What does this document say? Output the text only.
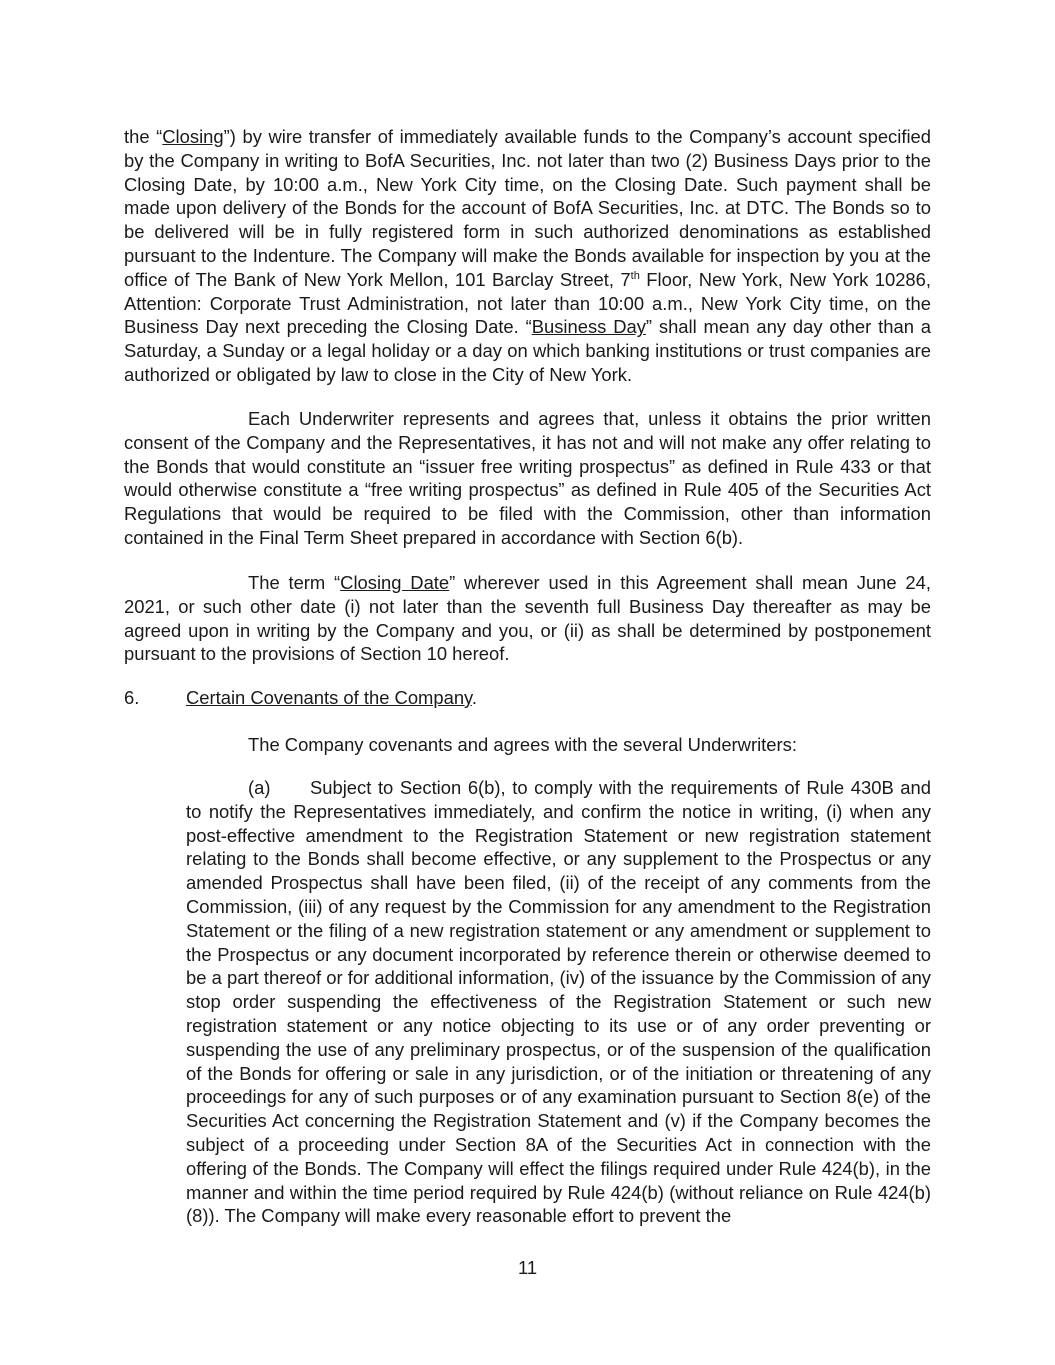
the “Closing”) by wire transfer of immediately available funds to the Company’s account specified by the Company in writing to BofA Securities, Inc. not later than two (2) Business Days prior to the Closing Date, by 10:00 a.m., New York City time, on the Closing Date. Such payment shall be made upon delivery of the Bonds for the account of BofA Securities, Inc. at DTC. The Bonds so to be delivered will be in fully registered form in such authorized denominations as established pursuant to the Indenture. The Company will make the Bonds available for inspection by you at the office of The Bank of New York Mellon, 101 Barclay Street, 7th Floor, New York, New York 10286, Attention: Corporate Trust Administration, not later than 10:00 a.m., New York City time, on the Business Day next preceding the Closing Date. “Business Day” shall mean any day other than a Saturday, a Sunday or a legal holiday or a day on which banking institutions or trust companies are authorized or obligated by law to close in the City of New York.

Each Underwriter represents and agrees that, unless it obtains the prior written consent of the Company and the Representatives, it has not and will not make any offer relating to the Bonds that would constitute an “issuer free writing prospectus” as defined in Rule 433 or that would otherwise constitute a “free writing prospectus” as defined in Rule 405 of the Securities Act Regulations that would be required to be filed with the Commission, other than information contained in the Final Term Sheet prepared in accordance with Section 6(b).

The term “Closing Date” wherever used in this Agreement shall mean June 24, 2021, or such other date (i) not later than the seventh full Business Day thereafter as may be agreed upon in writing by the Company and you, or (ii) as shall be determined by postponement pursuant to the provisions of Section 10 hereof.

6.	Certain Covenants of the Company.
The Company covenants and agrees with the several Underwriters:

(a) Subject to Section 6(b), to comply with the requirements of Rule 430B and to notify the Representatives immediately, and confirm the notice in writing, (i) when any post-effective amendment to the Registration Statement or new registration statement relating to the Bonds shall become effective, or any supplement to the Prospectus or any amended Prospectus shall have been filed, (ii) of the receipt of any comments from the Commission, (iii) of any request by the Commission for any amendment to the Registration Statement or the filing of a new registration statement or any amendment or supplement to the Prospectus or any document incorporated by reference therein or otherwise deemed to be a part thereof or for additional information, (iv) of the issuance by the Commission of any stop order suspending the effectiveness of the Registration Statement or such new registration statement or any notice objecting to its use or of any order preventing or suspending the use of any preliminary prospectus, or of the suspension of the qualification of the Bonds for offering or sale in any jurisdiction, or of the initiation or threatening of any proceedings for any of such purposes or of any examination pursuant to Section 8(e) of the Securities Act concerning the Registration Statement and (v) if the Company becomes the subject of a proceeding under Section 8A of the Securities Act in connection with the offering of the Bonds. The Company will effect the filings required under Rule 424(b), in the manner and within the time period required by Rule 424(b) (without reliance on Rule 424(b)(8)). The Company will make every reasonable effort to prevent the

11
